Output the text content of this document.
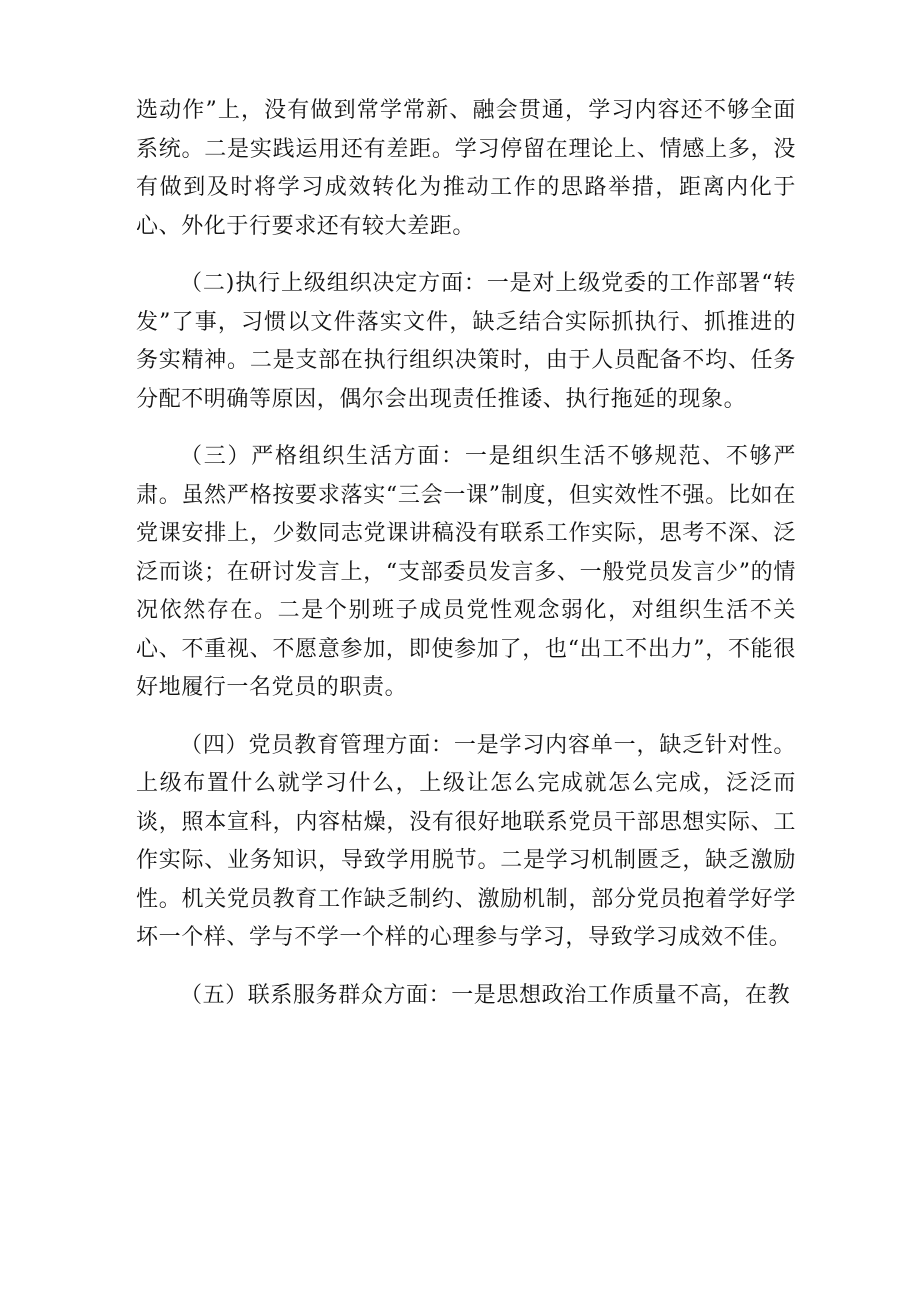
选动作”上，没有做到常学常新、融会贯通，学习内容还不够全面系统。二是实践运用还有差距。学习停留在理论上、情感上多，没有做到及时将学习成效转化为推动工作的思路举措，距离内化于心、外化于行要求还有较大差距。

（二)执行上级组织决定方面：一是对上级党委的工作部署“转发”了事，习惯以文件落实文件，缺乏结合实际抓执行、抓推进的务实精神。二是支部在执行组织决策时，由于人员配备不均、任务分配不明确等原因，偶尔会出现责任推诿、执行拖延的现象。

（三）严格组织生活方面：一是组织生活不够规范、不够严肃。虽然严格按要求落实“三会一课”制度，但实效性不强。比如在党课安排上，少数同志党课讲稿没有联系工作实际，思考不深、泛泛而谈；在研讨发言上，“支部委员发言多、一般党员发言少”的情况依然存在。二是个别班子成员党性观念弱化，对组织生活不关心、不重视、不愿意参加，即使参加了，也“出工不出力”，不能很好地履行一名党员的职责。

（四）党员教育管理方面：一是学习内容单一，缺乏针对性。上级布置什么就学习什么，上级让怎么完成就怎么完成，泛泛而谈，照本宣科，内容枯燥，没有很好地联系党员干部思想实际、工作实际、业务知识，导致学用脱节。二是学习机制匮乏，缺乏激励性。机关党员教育工作缺乏制约、激励机制，部分党员抱着学好学坏一个样、学与不学一个样的心理参与学习，导致学习成效不佳。

（五）联系服务群众方面：一是思想政治工作质量不高，在教
